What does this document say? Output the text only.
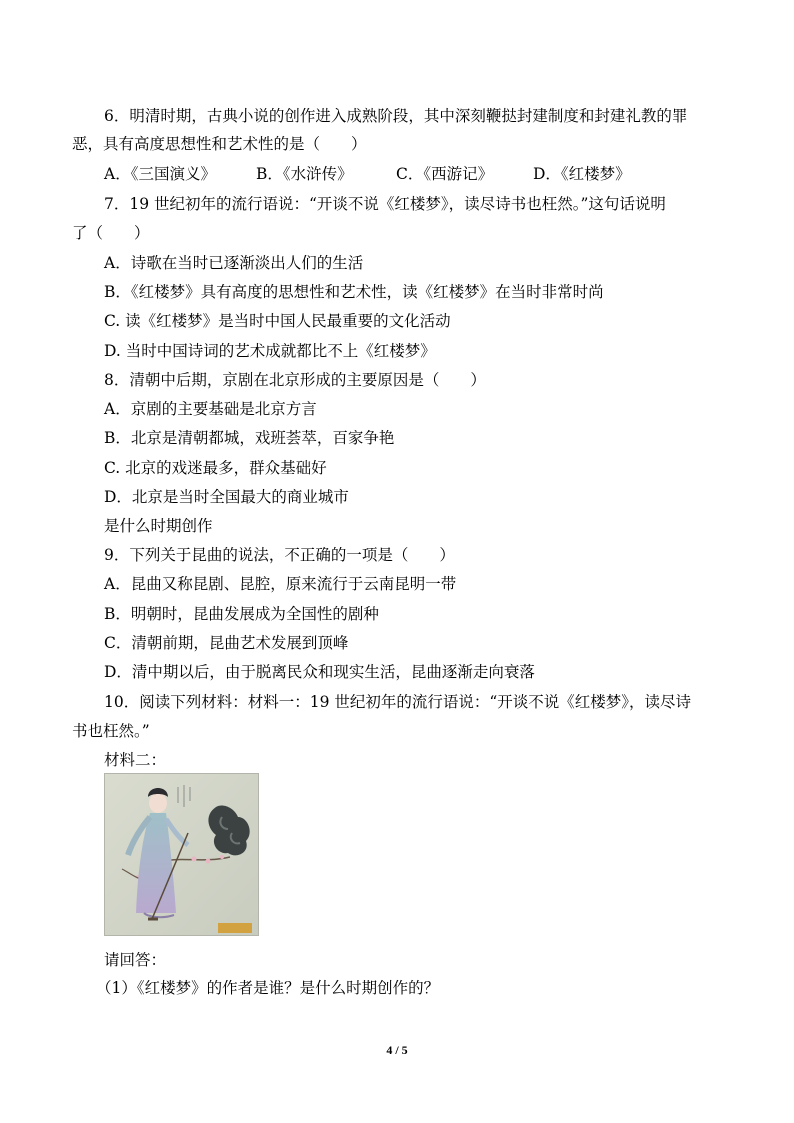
6．明清时期，古典小说的创作进入成熟阶段，其中深刻鞭挞封建制度和封建礼教的罪
恶，具有高度思想性和艺术性的是（　　）
A．《三国演义》	B．《水浒传》	C．《西游记》	D．《红楼梦》
7．19 世纪初年的流行语说：“开谈不说《红楼梦》，读尽诗书也枉然。”这句话说明
了（　　）
A．诗歌在当时已逐渐淡出人们的生活
B．《红楼梦》具有高度的思想性和艺术性，读《红楼梦》在当时非常时尚
C. 读《红楼梦》是当时中国人民最重要的文化活动
D. 当时中国诗词的艺术成就都比不上《红楼梦》
8．清朝中后期，京剧在北京形成的主要原因是（　　）
A．京剧的主要基础是北京方言
B．北京是清朝都城，戏班荟萃，百家争艳
C. 北京的戏迷最多，群众基础好
D．北京是当时全国最大的商业城市
是什么时期创作
9．下列关于昆曲的说法，不正确的一项是（　　）
A．昆曲又称昆剧、昆腔，原来流行于云南昆明一带
B．明朝时，昆曲发展成为全国性的剧种
C．清朝前期，昆曲艺术发展到顶峰
D．清中期以后，由于脱离民众和现实生活，昆曲逐渐走向衰落
10．阅读下列材料：材料一：19 世纪初年的流行语说：“开谈不说《红楼梦》，读尽诗
书也枉然。”
材料二：
请回答：
（1）《红楼梦》的作者是谁？是什么时期创作的？
4 / 5
